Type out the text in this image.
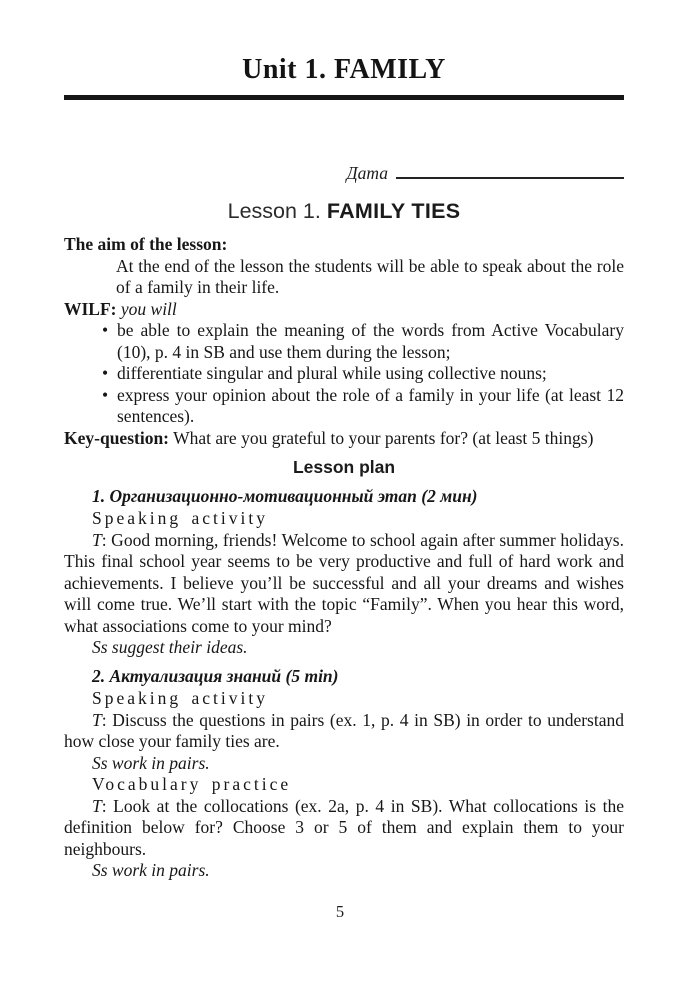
Unit 1. FAMILY
Дата
Lesson 1. FAMILY TIES

The aim of the lesson:

At the end of the lesson the students will be able to speak about the role of a family in their life.

WILF: you will

• be able to explain the meaning of the words from Active Vocabulary (10), p. 4 in SB and use them during the lesson;
• differentiate singular and plural while using collective nouns;
• express your opinion about the role of a family in your life (at least 12 sentences).

Key-question: What are you grateful to your parents for? (at least 5 things)

Lesson plan

1. Организационно-мотивационный этап (2 мин)

Speaking activity

T: Good morning, friends! Welcome to school again after summer holidays. This final school year seems to be very productive and full of hard work and achievements. I believe you’ll be successful and all your dreams and wishes will come true. We’ll start with the topic “Family”. When you hear this word, what associations come to your mind?

Ss suggest their ideas.

2. Актуализация знаний (5 min)

Speaking activity

T: Discuss the questions in pairs (ex. 1, p. 4 in SB) in order to understand how close your family ties are.

Ss work in pairs.

Vocabulary practice

T: Look at the collocations (ex. 2a, p. 4 in SB). What collocations is the definition below for? Choose 3 or 5 of them and explain them to your neighbours.

Ss work in pairs.

5
